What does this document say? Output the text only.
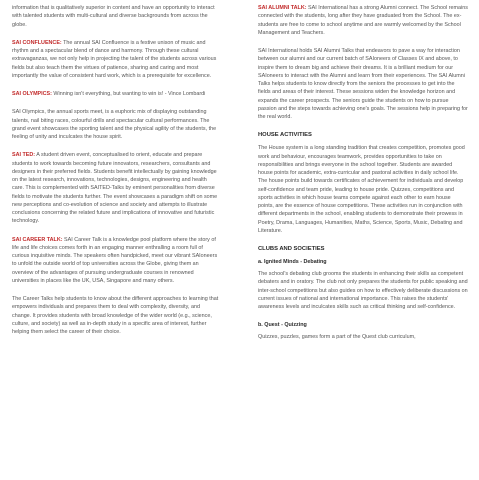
information that is qualitatively superior in content and have an opportunity to interact with talented students with multi-cultural and diverse backgrounds from across the globe.

SAI CONFLUENCE: The annual SAI Confluence is a festive unison of music and rhythm and a spectacular blend of dance and harmony. Through these cultural extravaganzas, we not only help in projecting the talent of the students across various fields but also teach them the virtues of patience, sharing and caring and most importantly the value of consistent hard work, which is a prerequisite for excellence.

SAI OLYMPICS: Winning isn't everything, but wanting to win is! - Vince Lombardi

SAI Olympics, the annual sports meet, is a euphoric mix of displaying outstanding talents, nail biting races, colourful drills and spectacular cultural performances. The grand event showcases the sporting talent and the physical agility of the students, the feeling of unity and inculcates the house spirit.

SAI TED: A student driven event, conceptualised to orient, educate and prepare students to work towards becoming future innovators, researchers, consultants and designers in their preferred fields. Students benefit intellectually by gaining knowledge on the latest research, innovations, technologies, designs, engineering and health care. This is complemented with SAITED-Talks by eminent personalities from diverse fields to motivate the students further. The event showcases a paradigm shift on some new perceptions and co-evolution of science and society and attempts to illustrate conclusions concerning the related future and implications of innovative and futuristic technology.

SAI CAREER TALK: SAI Career Talk is a knowledge pool platform where the story of life and life choices comes forth in an engaging manner enthralling a room full of curious inquisitive minds. The speakers often handpicked, meet our vibrant SAIoneers to unfold the outside world of top universities across the Globe, giving them an overview of the advantages of pursuing undergraduate courses in renowned universities in places like the UK, USA, Singapore and many others.

The Career Talks help students to know about the different approaches to learning that empowers individuals and prepares them to deal with complexity, diversity, and change. It provides students with broad knowledge of the wider world (e.g., science, culture, and society) as well as in-depth study in a specific area of interest, further helping them select the career of their choice.

SAI ALUMNI TALK: SAI International has a strong Alumni connect. The School remains connected with the students, long after they have graduated from the School. The ex-students are free to come to school anytime and are warmly welcomed by the School Management and Teachers.

SAI International holds SAI Alumni Talks that endeavors to pave a way for interaction between our alumni and our current batch of SAIoneers of Classes IX and above, to inspire them to dream big and achieve their dreams. It is a brilliant medium for our SAIoneers to interact with the Alumni and learn from their experiences. The SAI Alumni Talks helps students to know directly from the seniors the processes to get into the fields and areas of their interest. These sessions widen the knowledge horizon and expands the career prospects. The seniors guide the students on how to pursue passion and the steps towards achieving one's goals. The sessions help in preparing for the real world.

HOUSE ACTIVITIES

The House system is a long standing tradition that creates competition, promotes good work and behaviour, encourages teamwork, provides opportunities to take on responsibilities and brings everyone in the school together. Students are awarded house points for academic, extra-curricular and pastoral activities in daily school life. The house points build towards certificates of achievement for individuals and develop self-confidence and team pride, leading to house pride. Quizzes, competitions and sports activities in which house teams compete against each other to earn house points, are the essence of house competitions. These activities run in conjunction with different departments in the school, enabling students to demonstrate their prowess in Poetry, Drama, Languages, Humanities, Maths, Science, Sports, Music, Debating and Literature.

CLUBS AND SOCIETIES
a. Ignited Minds - Debating

The school's debating club grooms the students in enhancing their skills as competent debaters and in oratory. The club not only prepares the students for public speaking and inter-school competitions but also guides on how to effectively deliberate discussions on current issues of national and international importance. This raises the students' awareness levels and inculcates skills such as critical thinking and self-confidence.

b. Quest - Quizzing

Quizzes, puzzles, games form a part of the Quest club curriculum,
